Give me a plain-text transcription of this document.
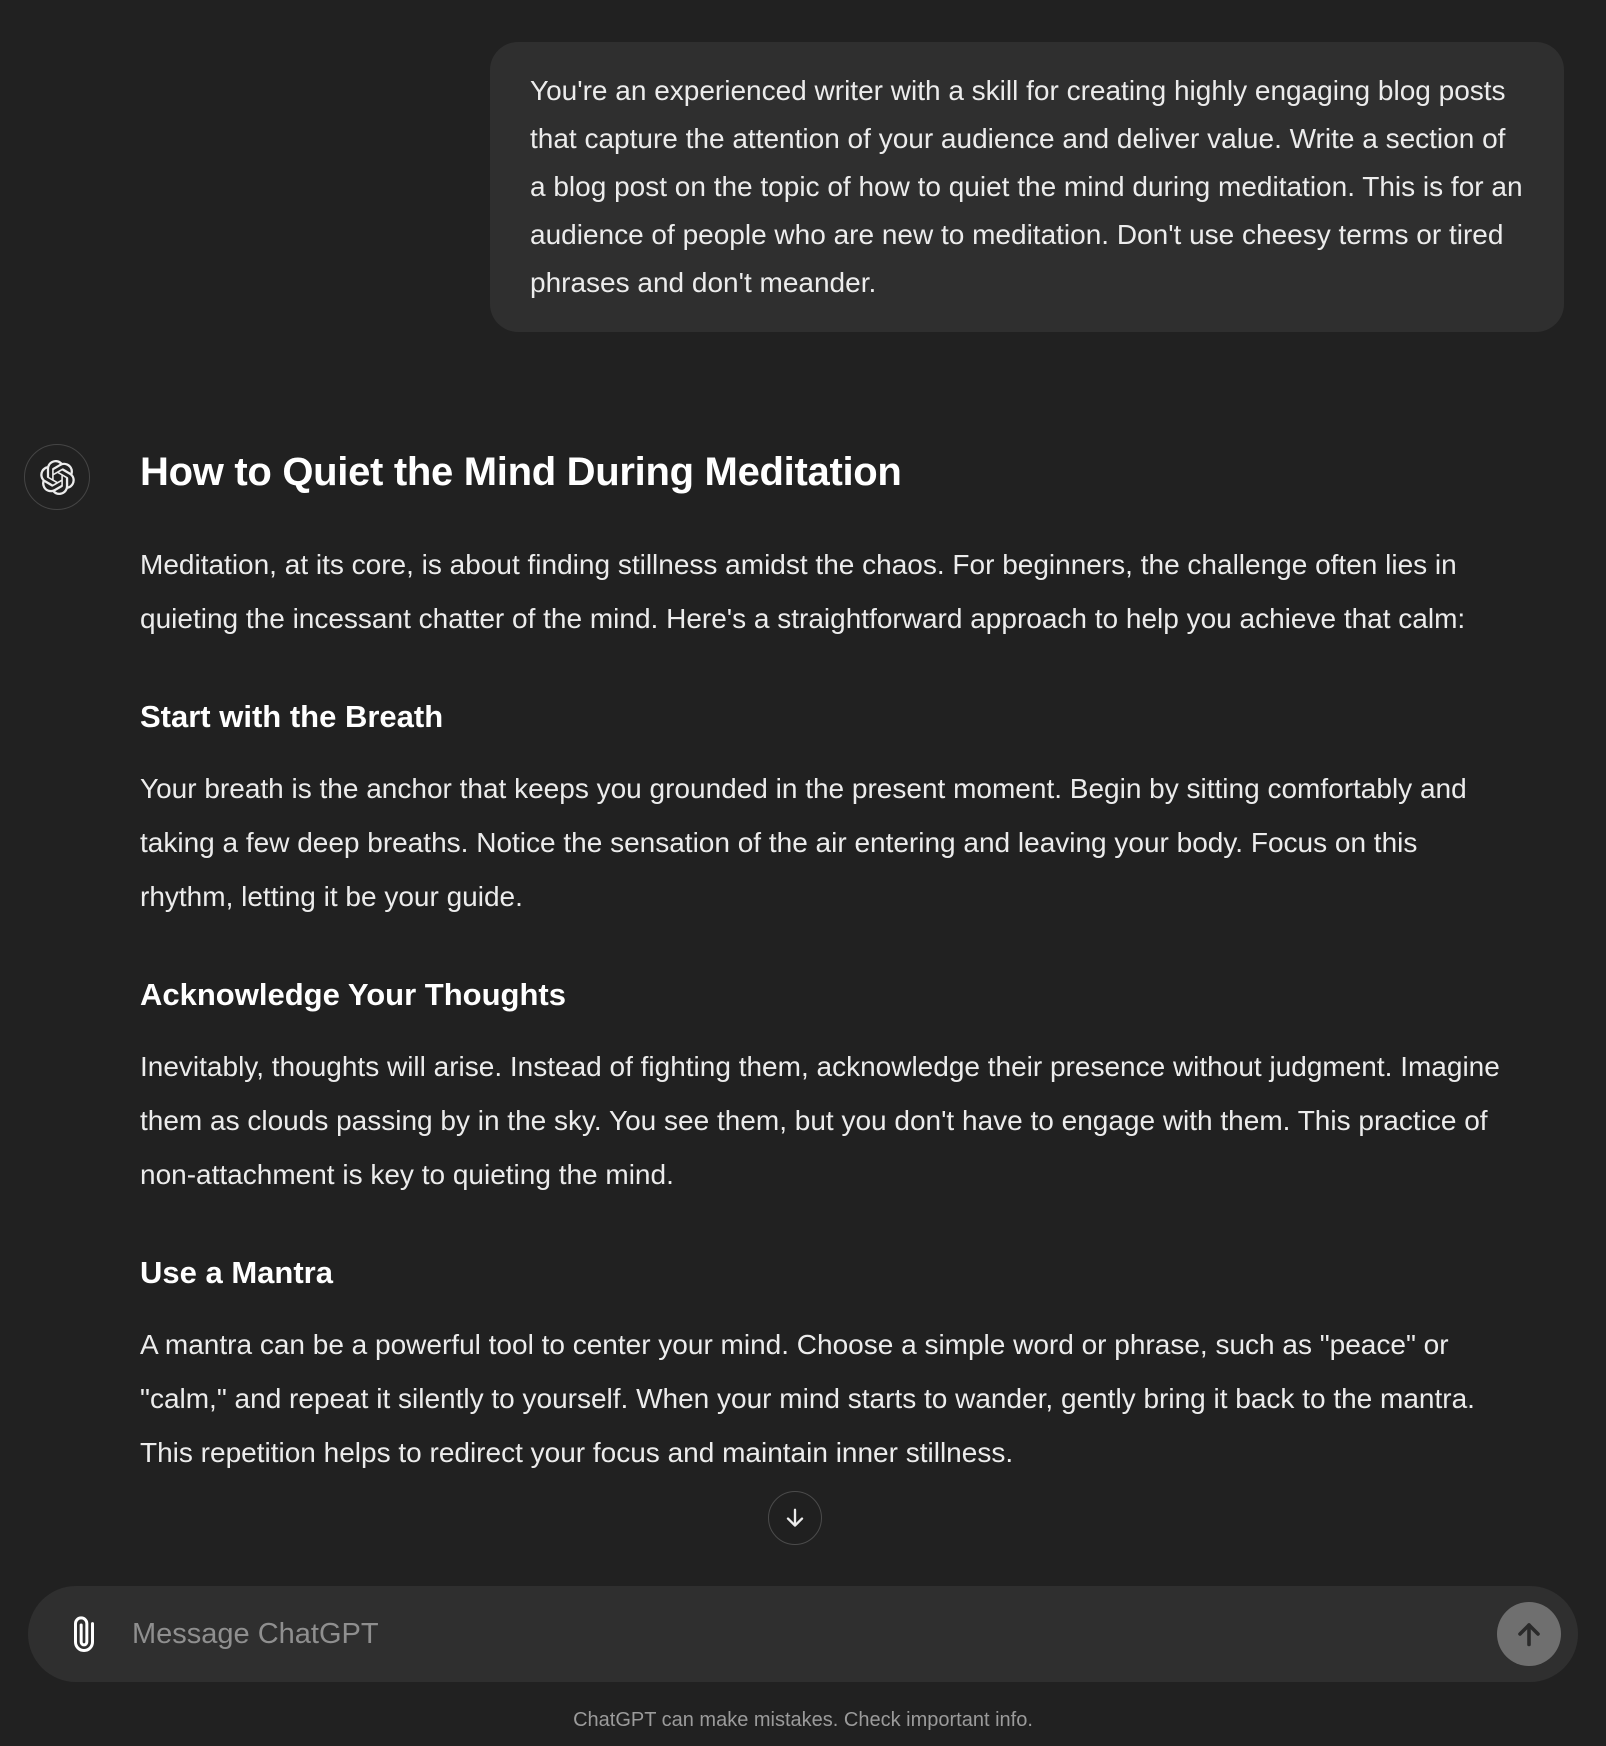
You're an experienced writer with a skill for creating highly engaging blog posts that capture the attention of your audience and deliver value. Write a section of a blog post on the topic of how to quiet the mind during meditation. This is for an audience of people who are new to meditation. Don't use cheesy terms or tired phrases and don't meander.

How to Quiet the Mind During Meditation

Meditation, at its core, is about finding stillness amidst the chaos. For beginners, the challenge often lies in quieting the incessant chatter of the mind. Here's a straightforward approach to help you achieve that calm:

Start with the Breath

Your breath is the anchor that keeps you grounded in the present moment. Begin by sitting comfortably and taking a few deep breaths. Notice the sensation of the air entering and leaving your body. Focus on this rhythm, letting it be your guide.

Acknowledge Your Thoughts

Inevitably, thoughts will arise. Instead of fighting them, acknowledge their presence without judgment. Imagine them as clouds passing by in the sky. You see them, but you don't have to engage with them. This practice of non-attachment is key to quieting the mind.

Use a Mantra

A mantra can be a powerful tool to center your mind. Choose a simple word or phrase, such as "peace" or "calm," and repeat it silently to yourself. When your mind starts to wander, gently bring it back to the mantra. This repetition helps to redirect your focus and maintain inner stillness.

Message ChatGPT
ChatGPT can make mistakes. Check important info.
